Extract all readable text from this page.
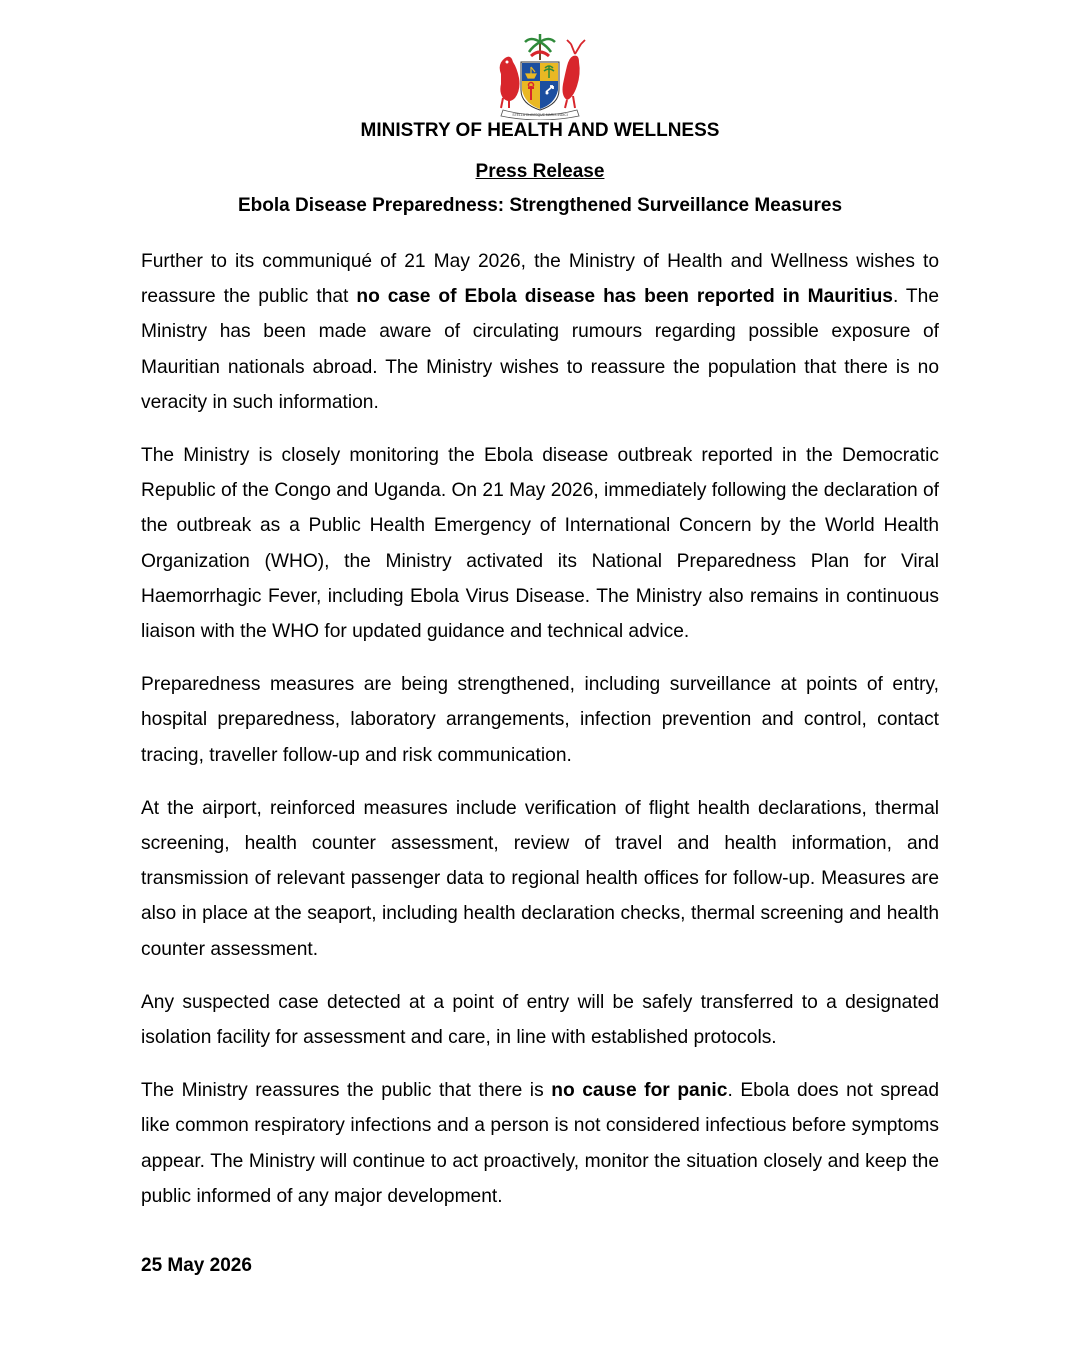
STELLA CLAVISQUE MARIS INDICI
MINISTRY OF HEALTH AND WELLNESS
Press Release
Ebola Disease Preparedness: Strengthened Surveillance Measures

Further to its communiqué of 21 May 2026, the Ministry of Health and Wellness wishes to reassure the public that no case of Ebola disease has been reported in Mauritius. The Ministry has been made aware of circulating rumours regarding possible exposure of Mauritian nationals abroad. The Ministry wishes to reassure the population that there is no veracity in such information.

The Ministry is closely monitoring the Ebola disease outbreak reported in the Democratic Republic of the Congo and Uganda. On 21 May 2026, immediately following the declaration of the outbreak as a Public Health Emergency of International Concern by the World Health Organization (WHO), the Ministry activated its National Preparedness Plan for Viral Haemorrhagic Fever, including Ebola Virus Disease. The Ministry also remains in continuous liaison with the WHO for updated guidance and technical advice.

Preparedness measures are being strengthened, including surveillance at points of entry, hospital preparedness, laboratory arrangements, infection prevention and control, contact tracing, traveller follow-up and risk communication.

At the airport, reinforced measures include verification of flight health declarations, thermal screening, health counter assessment, review of travel and health information, and transmission of relevant passenger data to regional health offices for follow-up. Measures are also in place at the seaport, including health declaration checks, thermal screening and health counter assessment.

Any suspected case detected at a point of entry will be safely transferred to a designated isolation facility for assessment and care, in line with established protocols.

The Ministry reassures the public that there is no cause for panic. Ebola does not spread like common respiratory infections and a person is not considered infectious before symptoms appear. The Ministry will continue to act proactively, monitor the situation closely and keep the public informed of any major development.

25 May 2026
